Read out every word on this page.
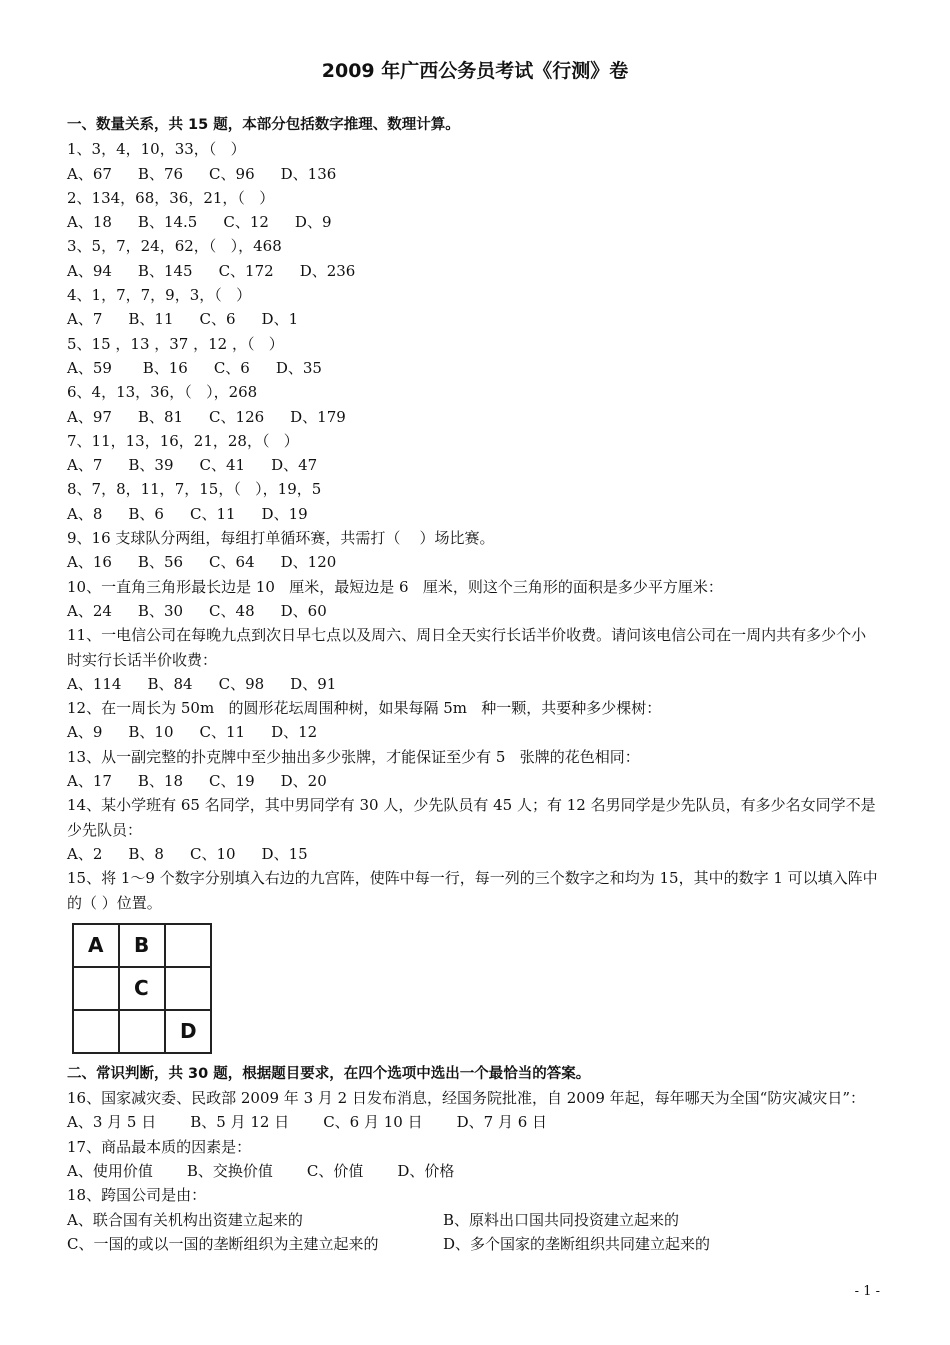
2009 年广西公务员考试《行测》卷
一、数量关系，共 15 题，本部分包括数字推理、数理计算。
1、3，4，10，33，（   ）
A、67 B、76 C、96 D、136
2、134，68，36，21，（   ）
A、18 B、14.5 C、12 D、9
3、5，7，24，62，（   ），468
A、94 B、145 C、172 D、236
4、1，7，7，9，3，（   ）
A、7 B、11 C、6 D、1
5、15 ，13 ，37 ，12 ，（   ）
A、59 B、16 C、6 D、35
6、4，13，36，（   ），268
A、97 B、81 C、126 D、179
7、11，13，16，21，28，（   ）
A、7 B、39 C、41 D、47
8、7，8，11，7，15，（   ），19，5
A、8 B、6 C、11 D、19
9、16 支球队分两组，每组打单循环赛，共需打（    ）场比赛。
A、16 B、56 C、64 D、120
10、一直角三角形最长边是 10   厘米，最短边是 6   厘米，则这个三角形的面积是多少平方厘米：
A、24 B、30 C、48 D、60
11、一电信公司在每晚九点到次日早七点以及周六、周日全天实行长话半价收费。请问该电信公司在一周内共有多少个小时实行长话半价收费：
A、114 B、84 C、98 D、91
12、在一周长为 50m   的圆形花坛周围种树，如果每隔 5m   种一颗，共要种多少棵树：
A、9 B、10 C、11 D、12
13、从一副完整的扑克牌中至少抽出多少张牌，才能保证至少有 5   张牌的花色相同：
A、17 B、18 C、19 D、20
14、某小学班有 65 名同学，其中男同学有 30 人，少先队员有 45 人；有 12 名男同学是少先队员，有多少名女同学不是少先队员：
A、2 B、8 C、10 D、15
15、将 1～9 个数字分别填入右边的九宫阵，使阵中每一行，每一列的三个数字之和均为 15，其中的数字 1 可以填入阵中的（ ）位置。
A	B	
	C	
		D
二、常识判断，共 30 题，根据题目要求，在四个选项中选出一个最恰当的答案。
16、国家减灾委、民政部 2009 年 3 月 2 日发布消息，经国务院批准，自 2009 年起，每年哪天为全国“防灾减灾日”：
A、3 月 5 日 B、5 月 12 日 C、6 月 10 日 D、7 月 6 日
17、商品最本质的因素是：
A、使用价值 B、交换价值 C、价值 D、价格
18、跨国公司是由：
A、联合国有关机构出资建立起来的	B、原料出口国共同投资建立起来的
C、一国的或以一国的垄断组织为主建立起来的	D、多个国家的垄断组织共同建立起来的
- 1 -
